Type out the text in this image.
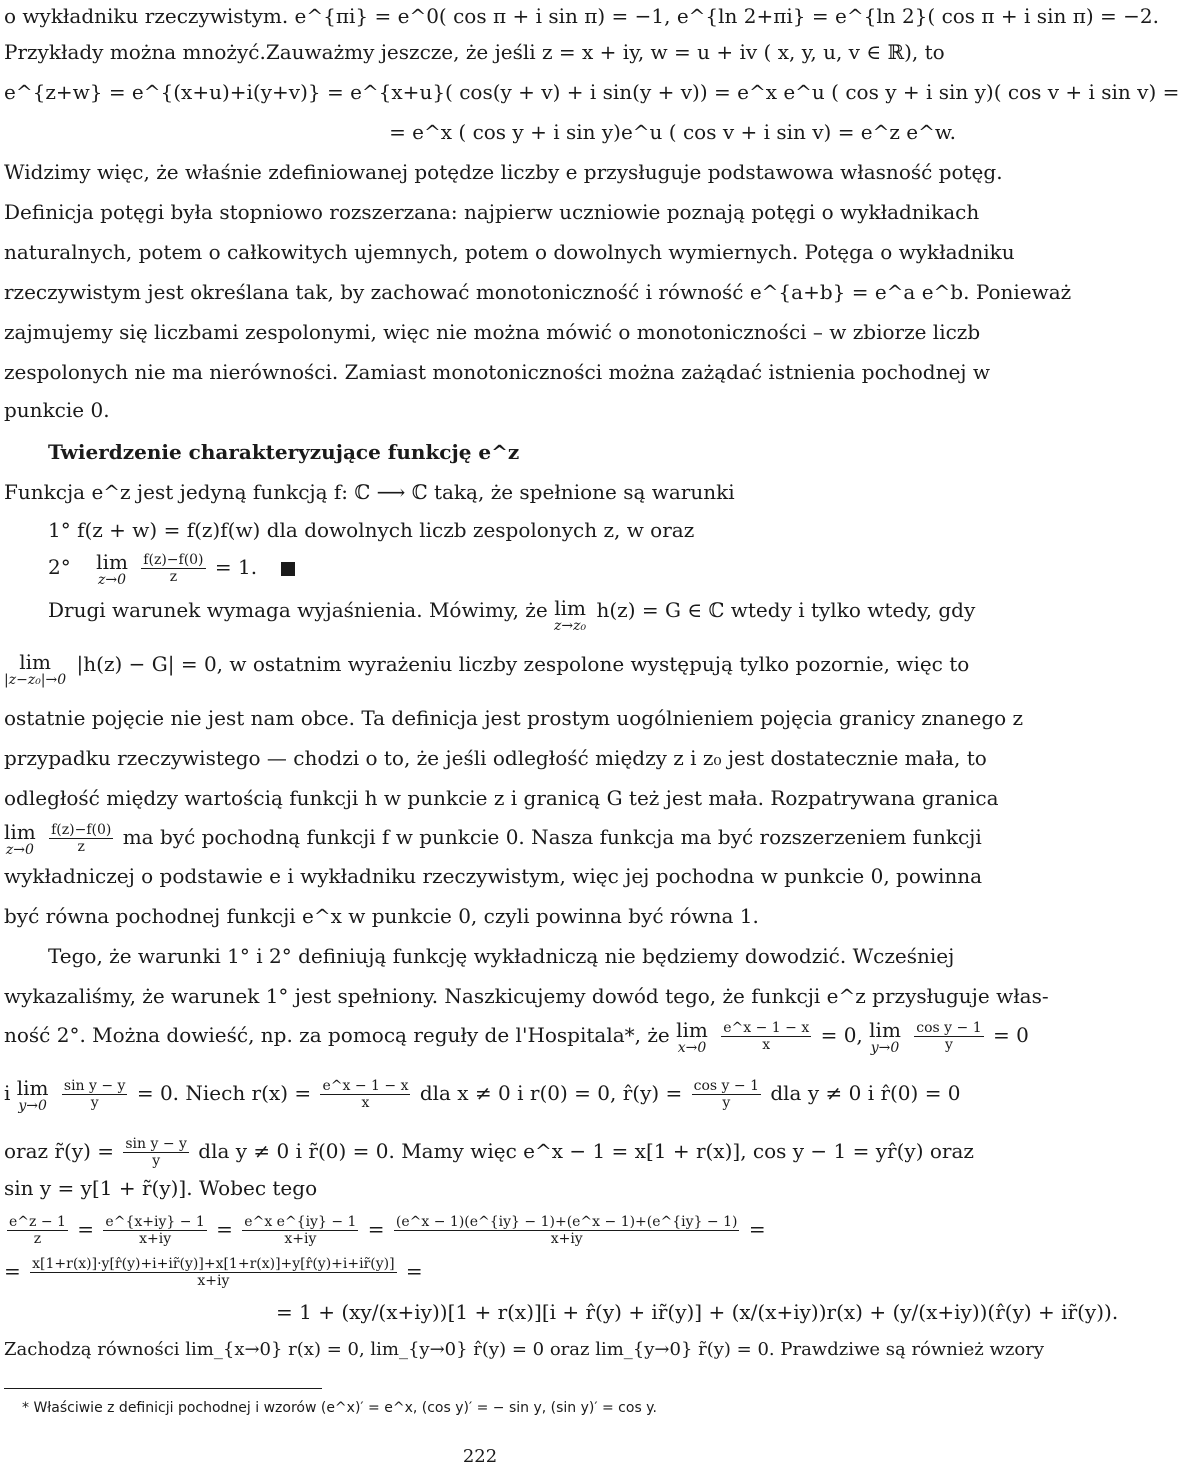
o wykładniku rzeczywistym. e^{πi} = e^0( cos π + i sin π) = −1, e^{ln 2+πi} = e^{ln 2}( cos π + i sin π) = −2.
Przykłady można mnożyć.Zauważmy jeszcze, że jeśli z = x + iy, w = u + iv ( x, y, u, v ∈ ℝ), to
e^{z+w} = e^{(x+u)+i(y+v)} = e^{x+u}( cos(y + v) + i sin(y + v)) = e^x e^u ( cos y + i sin y)( cos v + i sin v) =
= e^x ( cos y + i sin y)e^u ( cos v + i sin v) = e^z e^w.
Widzimy więc, że właśnie zdefiniowanej potędze liczby e przysługuje podstawowa własność potęg.
Definicja potęgi była stopniowo rozszerzana: najpierw uczniowie poznają potęgi o wykładnikach
naturalnych, potem o całkowitych ujemnych, potem o dowolnych wymiernych. Potęga o wykładniku
rzeczywistym jest określana tak, by zachować monotoniczność i równość e^{a+b} = e^a e^b. Ponieważ
zajmujemy się liczbami zespolonymi, więc nie można mówić o monotoniczności – w zbiorze liczb
zespolonych nie ma nierówności. Zamiast monotoniczności można zażądać istnienia pochodnej w
punkcie 0.
Twierdzenie charakteryzujące funkcję e^z
Funkcja e^z jest jedyną funkcją f: ℂ ⟶ ℂ taką, że spełnione są warunki
1° f(z + w) = f(z)f(w) dla dowolnych liczb zespolonych z, w oraz
2° lim
z→0
$\frac{f(z)-f(0)}{z} = 1$.
Drugi warunek wymaga wyjaśnienia. Mówimy, że lim
z→z₀
h(z) = G ∈ ℂ wtedy i tylko wtedy, gdy
lim
|z−z₀|→0
|h(z) − G| = 0, w ostatnim wyrażeniu liczby zespolone występują tylko pozornie, więc to
ostatnie pojęcie nie jest nam obce. Ta definicja jest prostym uogólnieniem pojęcia granicy znanego z
przypadku rzeczywistego — chodzi o to, że jeśli odległość między z i z₀ jest dostatecznie mała, to
odległość między wartością funkcji h w punkcie z i granicą G też jest mała. Rozpatrywana granica
lim
z→0
$\frac{f(z)-f(0)}{z}$ ma być pochodną funkcji f w punkcie 0. Nasza funkcja ma być rozszerzeniem funkcji
wykładniczej o podstawie e i wykładniku rzeczywistym, więc jej pochodna w punkcie 0, powinna
być równa pochodnej funkcji e^x w punkcie 0, czyli powinna być równa 1.
Tego, że warunki 1° i 2° definiują funkcję wykładniczą nie będziemy dowodzić. Wcześniej
wykazaliśmy, że warunek 1° jest spełniony. Naszkicujemy dowód tego, że funkcji e^z przysługuje włas-
ność 2°. Można dowieść, np. za pomocą reguły de l'Hospitala*, że lim
x→0
$\frac{e\^{}x - 1 - x}{x} = 0$, lim
y→0
$\frac{\text{cos y − 1}}{y} = 0$
i lim
y→0
$\frac{\text{sin y − y}}{y} = 0$. Niech $r(x) = \frac{e\^{}x - 1 - x}{x}$ dla x ≠ 0 i r(0) = 0, r̂(y) = $\frac{\text{cos y − 1}}{y}$ dla y ≠ 0 i r̂(0) = 0
oraz r̃(y) = $\frac{\text{sin y − y}}{y}$ dla y ≠ 0 i r̃(0) = 0. Mamy więc e^x − 1 = x[1 + r(x)], cos y − 1 = yr̂(y) oraz
sin y = y[1 + r̃(y)]. Wobec tego
$\frac{e\^{}z - 1}{z} = \frac{e\^{}\{x+iy\} - 1}{x+iy} = \frac{\text{e\textasciicircum{}x e\textasciicircum{}\{iy\} − 1}}{x+iy} = \frac{(e\^{}x - 1)(e\^{}\{iy\} - 1)+(e\^{}x - 1)+(e\^{}\{iy\} - 1)}{x+iy}$ =
= $\frac{x[1+r(x)]\cdot y[r̂(y)+i+ir̃(y)]+x[1+r(x)]+y[r̂(y)+i+ir̃(y)]}{x+iy}$ =
= 1 + (xy/(x+iy))[1 + r(x)][i + r̂(y) + ir̃(y)] + (x/(x+iy))r(x) + (y/(x+iy))(r̂(y) + ir̃(y)).
Zachodzą równości lim_{x→0} r(x) = 0, lim_{y→0} r̂(y) = 0 oraz lim_{y→0} r̃(y) = 0. Prawdziwe są również wzory
* Właściwie z definicji pochodnej i wzorów (e^x)′ = e^x, (cos y)′ = − sin y, (sin y)′ = cos y.
222
